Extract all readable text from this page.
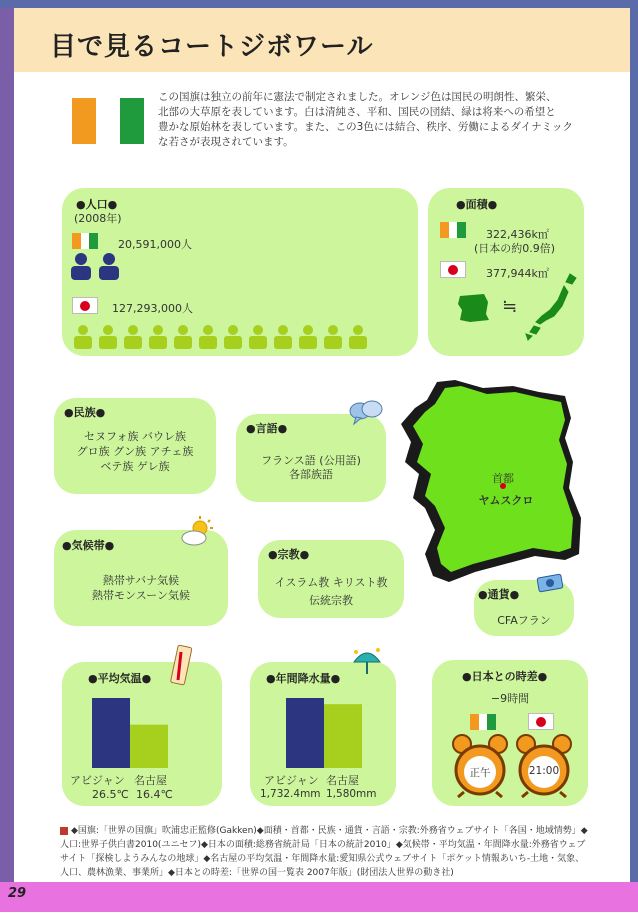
目で見るコートジボワール
この国旗は独立の前年に憲法で制定されました。オレンジ色は国民の明朗性、繁栄、
北部の大草原を表しています。白は清純さ、平和、国民の団結、緑は将来への希望と
豊かな原始林を表しています。また、この3色には結合、秩序、労働によるダイナミック
な若さが表現されています。
●人口●
(2008年)
20,591,000人
127,293,000人
●面積●
322,436k㎡
(日本の約0.9倍)
377,944k㎡
≒
●民族●
セヌフォ族 バウレ族
グロ族 グン族 アチェ族
ベテ族 ゲレ族
●言語●
フランス語 (公用語)
各部族語	首都
ヤムスクロ
●気候帯●
熱帯サバナ気候
熱帯モンスーン気候
●宗教●
イスラム教 キリスト教
伝統宗教	●通貨●
CFAフラン
●平均気温●
アビジャン 名古屋
26.5℃ 16.4℃
●年間降水量●
アビジャン 名古屋
1,732.4mm 1,580mm
●日本との時差●
−9時間
正午	21:00
◆国旗:「世界の国旗」吹浦忠正監修(Gakken)◆面積・首都・民族・通貨・言語・宗教:外務省ウェブサイト「各国・地域情勢」◆人口:世界子供白書2010(ユニセフ)◆日本の面積:総務省統計局「日本の統計2010」◆気候帯・平均気温・年間降水量:外務省ウェブサイト「探検しようみんなの地球」◆名古屋の平均気温・年間降水量:愛知県公式ウェブサイト「ポケット情報あいち-土地・気象、人口、農林漁業、事業所」◆日本との時差:「世界の国一覧表 2007年版」(財団法人世界の動き社)
29
